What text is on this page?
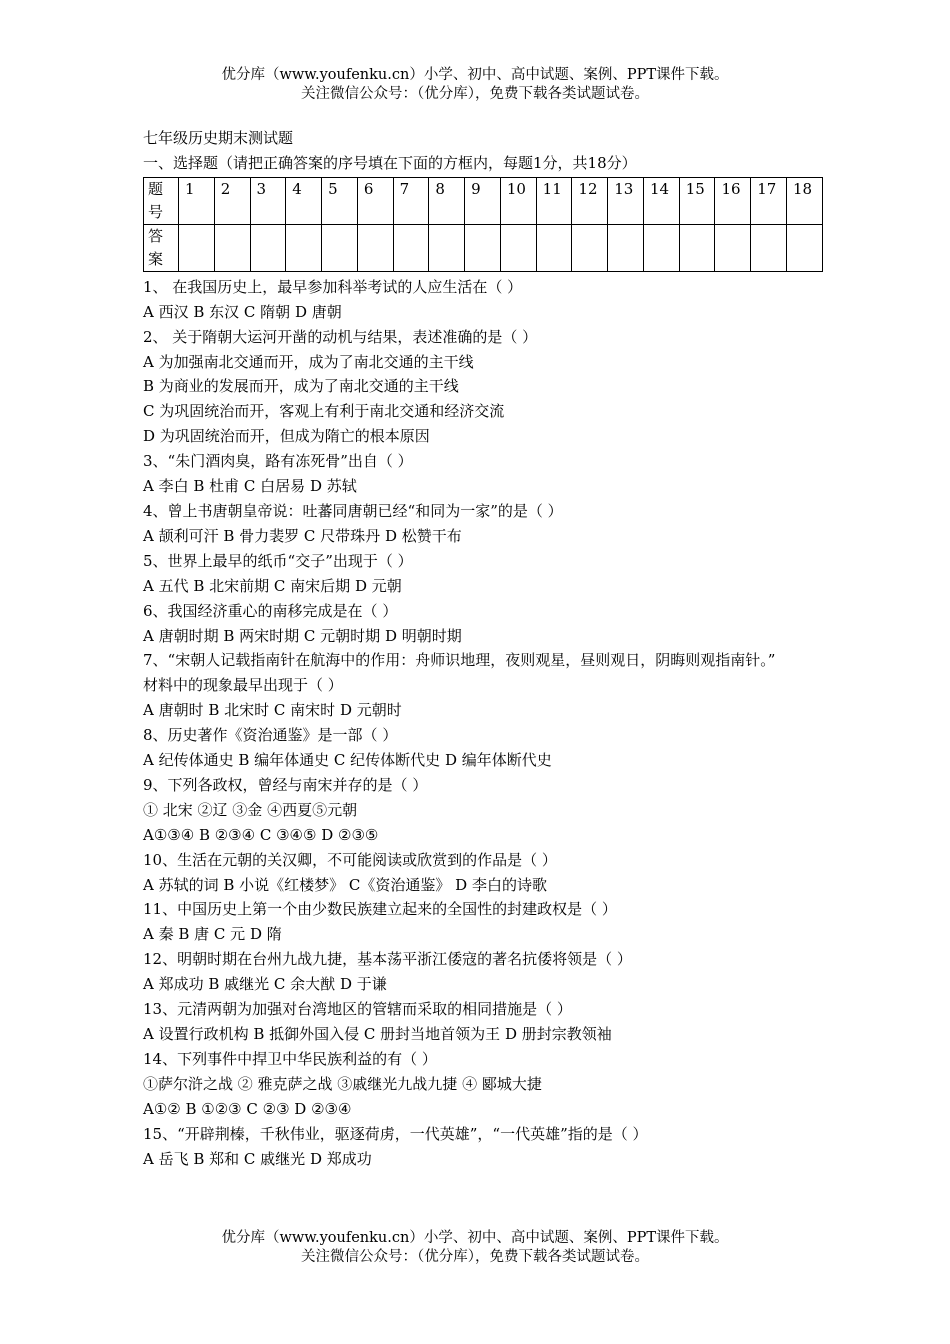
优分库（www.youfenku.cn）小学、初中、高中试题、案例、PPT课件下载。
关注微信公众号：（优分库），免费下载各类试题试卷。
七年级历史期末测试题
一、选择题（请把正确答案的序号填在下面的方框内，每题1分，共18分）
题
号	1	2	3	4	5	6	7	8	9	10	11	12	13	14	15	16	17	18

答
案																		

1、 在我国历史上，最早参加科举考试的人应生活在（ ）
A 西汉 B 东汉 C 隋朝 D 唐朝
2、 关于隋朝大运河开凿的动机与结果，表述准确的是（ ）
A 为加强南北交通而开，成为了南北交通的主干线
B 为商业的发展而开，成为了南北交通的主干线
C 为巩固统治而开，客观上有利于南北交通和经济交流
D 为巩固统治而开，但成为隋亡的根本原因
3、“朱门酒肉臭，路有冻死骨”出自（ ）
A 李白 B 杜甫 C 白居易 D 苏轼
4、曾上书唐朝皇帝说：吐蕃同唐朝已经“和同为一家”的是（ ）
A 颉利可汗 B 骨力裴罗 C 尺带珠丹 D 松赞干布
5、世界上最早的纸币“交子”出现于（ ）
A 五代 B 北宋前期 C 南宋后期 D 元朝
6、我国经济重心的南移完成是在（ ）
A 唐朝时期 B 两宋时期 C 元朝时期 D 明朝时期
7、“宋朝人记载指南针在航海中的作用：舟师识地理，夜则观星，昼则观日，阴晦则观指南针。”
材料中的现象最早出现于（ ）
A 唐朝时 B 北宋时 C 南宋时 D 元朝时
8、历史著作《资治通鉴》是一部（ ）
A 纪传体通史 B 编年体通史 C 纪传体断代史 D 编年体断代史
9、下列各政权，曾经与南宋并存的是（ ）
① 北宋 ②辽 ③金 ④西夏⑤元朝
A①③④ B ②③④ C ③④⑤ D ②③⑤
10、生活在元朝的关汉卿，不可能阅读或欣赏到的作品是（ ）
A 苏轼的词 B 小说《红楼梦》 C《资治通鉴》 D 李白的诗歌
11、中国历史上第一个由少数民族建立起来的全国性的封建政权是（ ）
A 秦 B 唐 C 元 D 隋
12、明朝时期在台州九战九捷，基本荡平浙江倭寇的著名抗倭将领是（ ）
A 郑成功 B 戚继光 C 余大猷 D 于谦
13、元清两朝为加强对台湾地区的管辖而采取的相同措施是（ ）
A 设置行政机构 B 抵御外国入侵 C 册封当地首领为王 D 册封宗教领袖
14、下列事件中捍卫中华民族利益的有（ ）
①萨尔浒之战 ② 雅克萨之战 ③戚继光九战九捷 ④ 郾城大捷
A①② B ①②③ C ②③ D ②③④
15、“开辟荆榛，千秋伟业，驱逐荷虏，一代英雄”，“一代英雄”指的是（ ）
A 岳飞 B 郑和 C 戚继光 D 郑成功
优分库（www.youfenku.cn）小学、初中、高中试题、案例、PPT课件下载。
关注微信公众号：（优分库），免费下载各类试题试卷。
